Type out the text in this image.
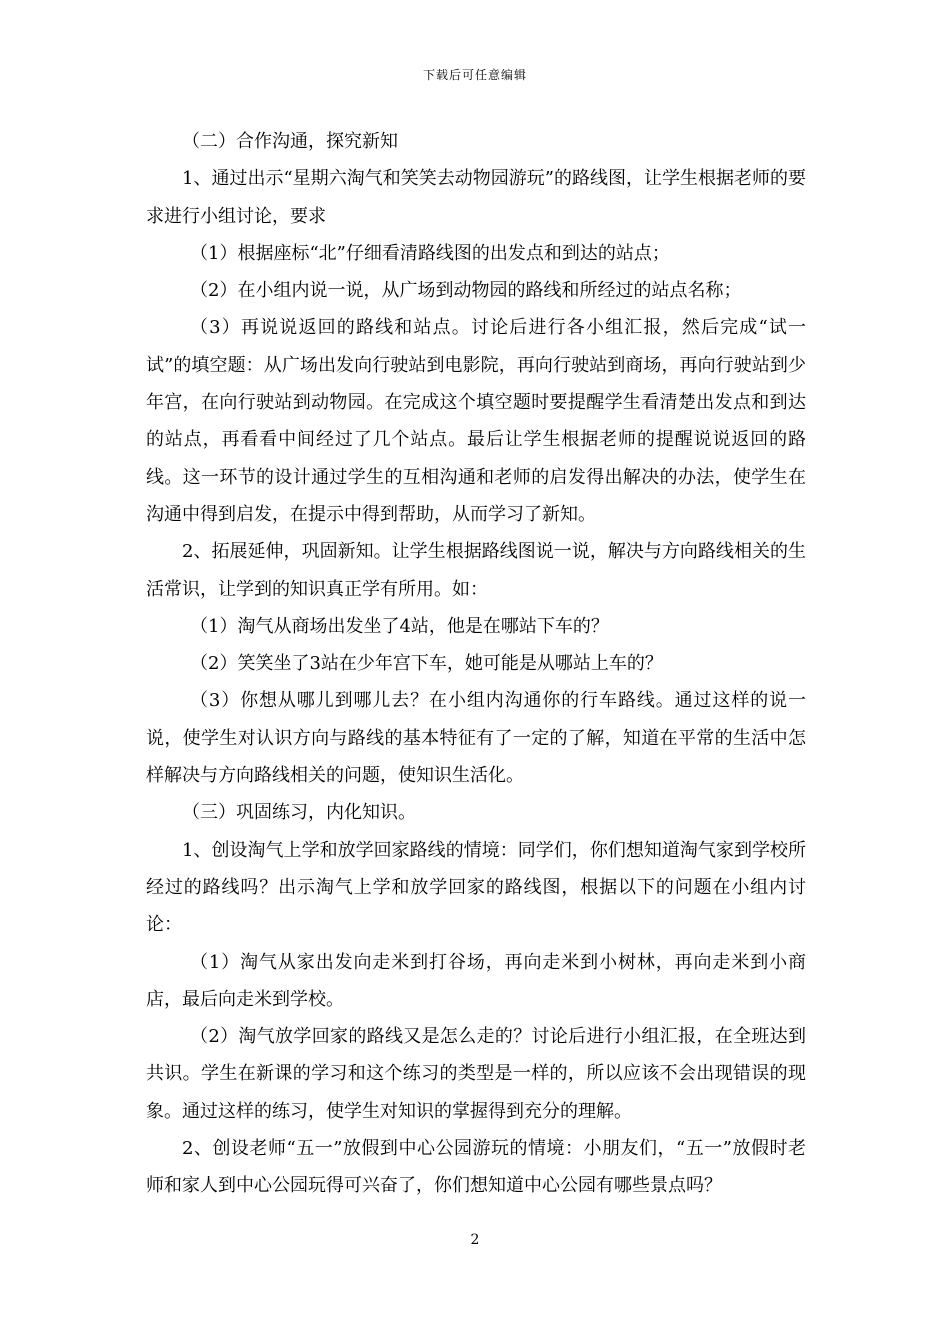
下载后可任意编辑

（二）合作沟通，探究新知

1、通过出示“星期六淘气和笑笑去动物园游玩”的路线图，让学生根据老师的要求进行小组讨论，要求

（1）根据座标“北”仔细看清路线图的出发点和到达的站点；

（2）在小组内说一说，从广场到动物园的路线和所经过的站点名称；

（3）再说说返回的路线和站点。讨论后进行各小组汇报，然后完成“试一试”的填空题：从广场出发向行驶站到电影院，再向行驶站到商场，再向行驶站到少年宫，在向行驶站到动物园。在完成这个填空题时要提醒学生看清楚出发点和到达的站点，再看看中间经过了几个站点。最后让学生根据老师的提醒说说返回的路线。这一环节的设计通过学生的互相沟通和老师的启发得出解决的办法，使学生在沟通中得到启发，在提示中得到帮助，从而学习了新知。

2、拓展延伸，巩固新知。让学生根据路线图说一说，解决与方向路线相关的生活常识，让学到的知识真正学有所用。如：

（1）淘气从商场出发坐了4站，他是在哪站下车的？

（2）笑笑坐了3站在少年宫下车，她可能是从哪站上车的？

（3）你想从哪儿到哪儿去？在小组内沟通你的行车路线。通过这样的说一说，使学生对认识方向与路线的基本特征有了一定的了解，知道在平常的生活中怎样解决与方向路线相关的问题，使知识生活化。

（三）巩固练习，内化知识。

1、创设淘气上学和放学回家路线的情境：同学们，你们想知道淘气家到学校所经过的路线吗？出示淘气上学和放学回家的路线图，根据以下的问题在小组内讨论：

（1）淘气从家出发向走米到打谷场，再向走米到小树林，再向走米到小商店，最后向走米到学校。

（2）淘气放学回家的路线又是怎么走的？讨论后进行小组汇报，在全班达到共识。学生在新课的学习和这个练习的类型是一样的，所以应该不会出现错误的现象。通过这样的练习，使学生对知识的掌握得到充分的理解。

2、创设老师“五一”放假到中心公园游玩的情境：小朋友们，“五一”放假时老师和家人到中心公园玩得可兴奋了，你们想知道中心公园有哪些景点吗？

2
